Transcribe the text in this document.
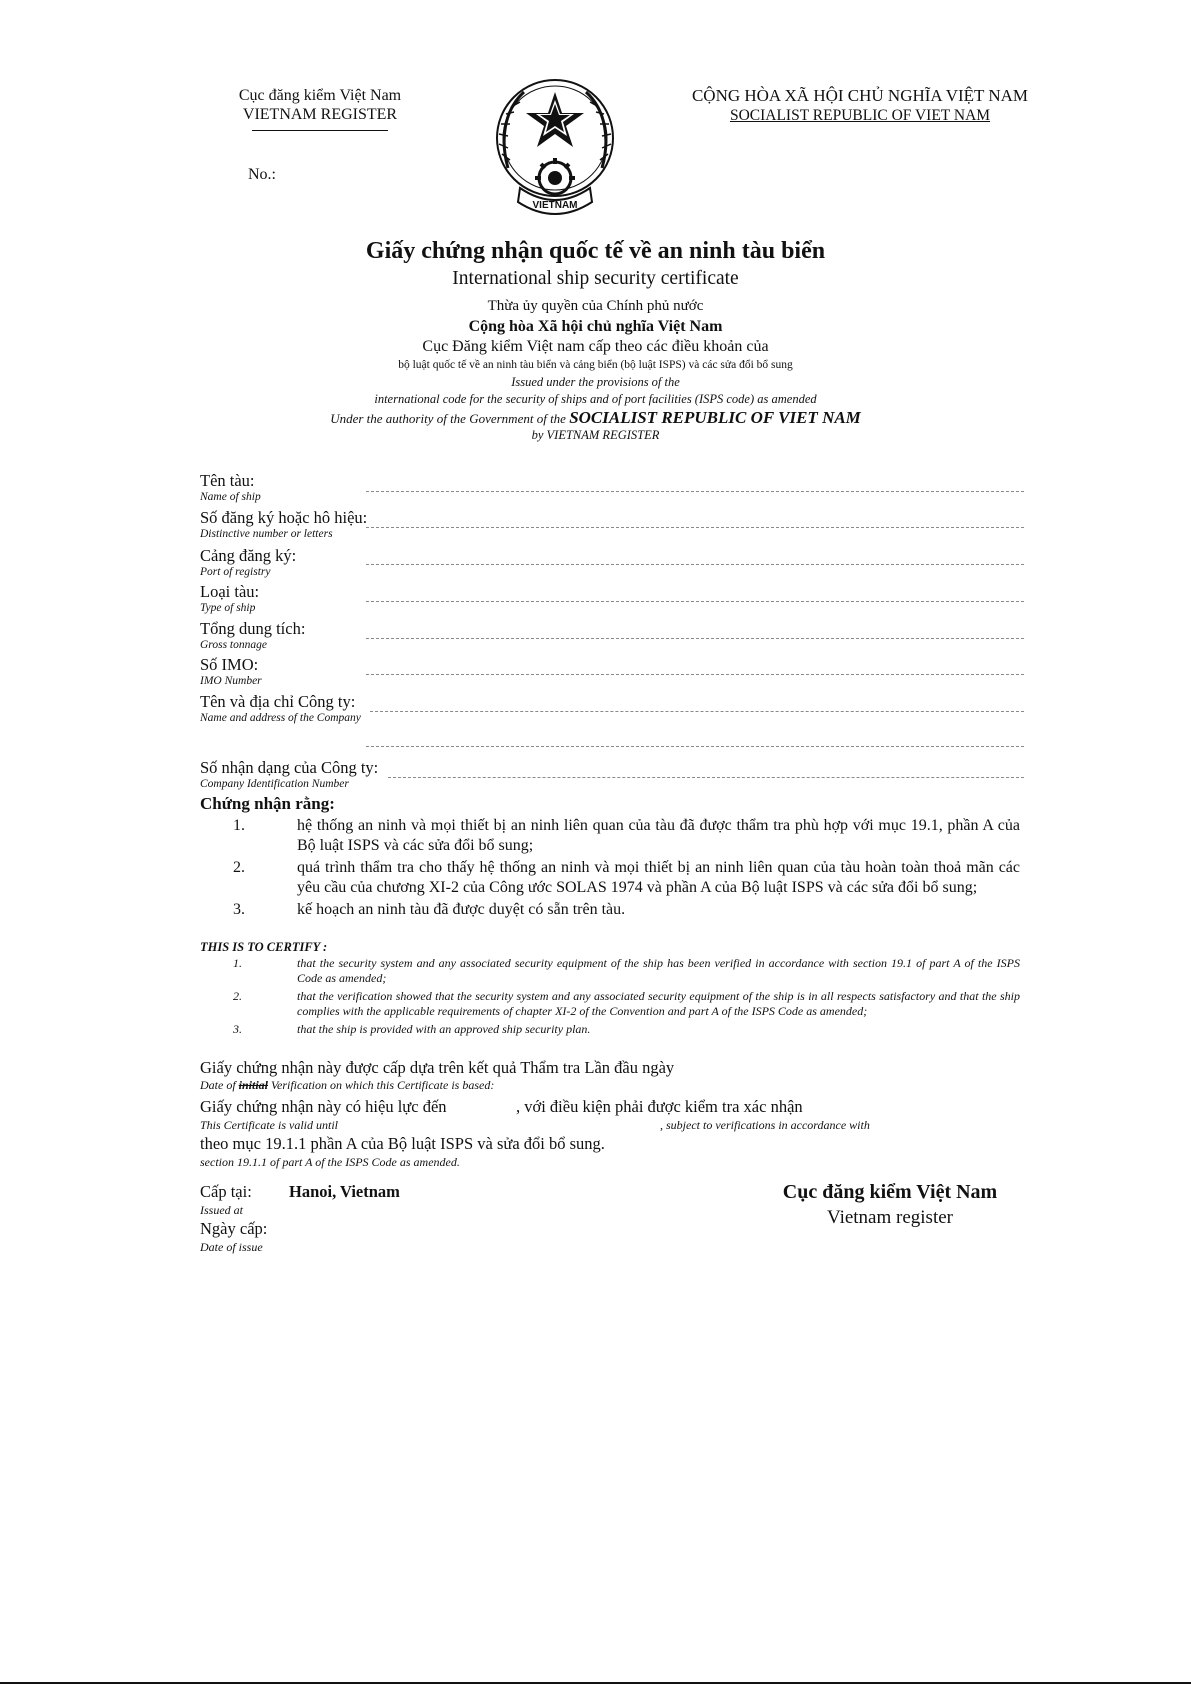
Cục đăng kiểm Việt Nam
VIETNAM REGISTER
VIETNAM
CỘNG HÒA XÃ HỘI CHỦ NGHĨA VIỆT NAM
SOCIALIST REPUBLIC OF VIET NAM
No.:
Giấy chứng nhận quốc tế về an ninh tàu biển
International ship security certificate
Thừa ủy quyền của Chính phủ nước
Cộng hòa Xã hội chủ nghĩa Việt Nam
Cục Đăng kiểm Việt nam cấp theo các điều khoản của
bộ luật quốc tế về an ninh tàu biển và cảng biển (bộ luật ISPS) và các sửa đổi bổ sung
Issued under the provisions of the
international code for the security of ships and of port facilities (ISPS code) as amended
Under the authority of the Government of the SOCIALIST REPUBLIC OF VIET NAM
by VIETNAM REGISTER
Tên tàu:
Name of ship
Số đăng ký hoặc hô hiệu:
Distinctive number or letters
Cảng đăng ký:
Port of registry
Loại tàu:
Type of ship
Tổng dung tích:
Gross tonnage
Số IMO:
IMO Number
Tên và địa chỉ Công ty:
Name and address of the Company
Số nhận dạng của Công ty:
Company Identification Number
Chứng nhận rằng:
1.	hệ thống an ninh và mọi thiết bị an ninh liên quan của tàu đã được thẩm tra phù hợp với mục 19.1, phần A của Bộ luật ISPS và các sửa đổi bổ sung;
2.	quá trình thẩm tra cho thấy hệ thống an ninh và mọi thiết bị an ninh liên quan của tàu hoàn toàn thoả mãn các yêu cầu của chương XI-2 của Công ước SOLAS 1974 và phần A của Bộ luật ISPS và các sửa đổi bổ sung;
3.	kế hoạch an ninh tàu đã được duyệt có sẵn trên tàu.
THIS IS TO CERTIFY :
1.	that the security system and any associated security equipment of the ship has been verified in accordance with section 19.1 of part A of the ISPS Code as amended;
2.	that the verification showed that the security system and any associated security equipment of the ship is in all respects satisfactory and that the ship complies with the applicable requirements of chapter XI-2 of the Convention and part A of the ISPS Code as amended;
3.	that the ship is provided with an approved ship security plan.
Giấy chứng nhận này được cấp dựa trên kết quả Thẩm tra Lần đầu ngày
Date of initial Verification on which this Certificate is based:
Giấy chứng nhận này có hiệu lực đến	, với điều kiện phải được kiểm tra xác nhận
This Certificate is valid until	, subject to verifications in accordance with
theo mục 19.1.1 phần A của Bộ luật ISPS và sửa đổi bổ sung.
section 19.1.1 of part A of the ISPS Code as amended.
Cấp tại: Hanoi, Vietnam
Issued at
Ngày cấp:
Date of issue
Cục đăng kiểm Việt Nam
Vietnam register
